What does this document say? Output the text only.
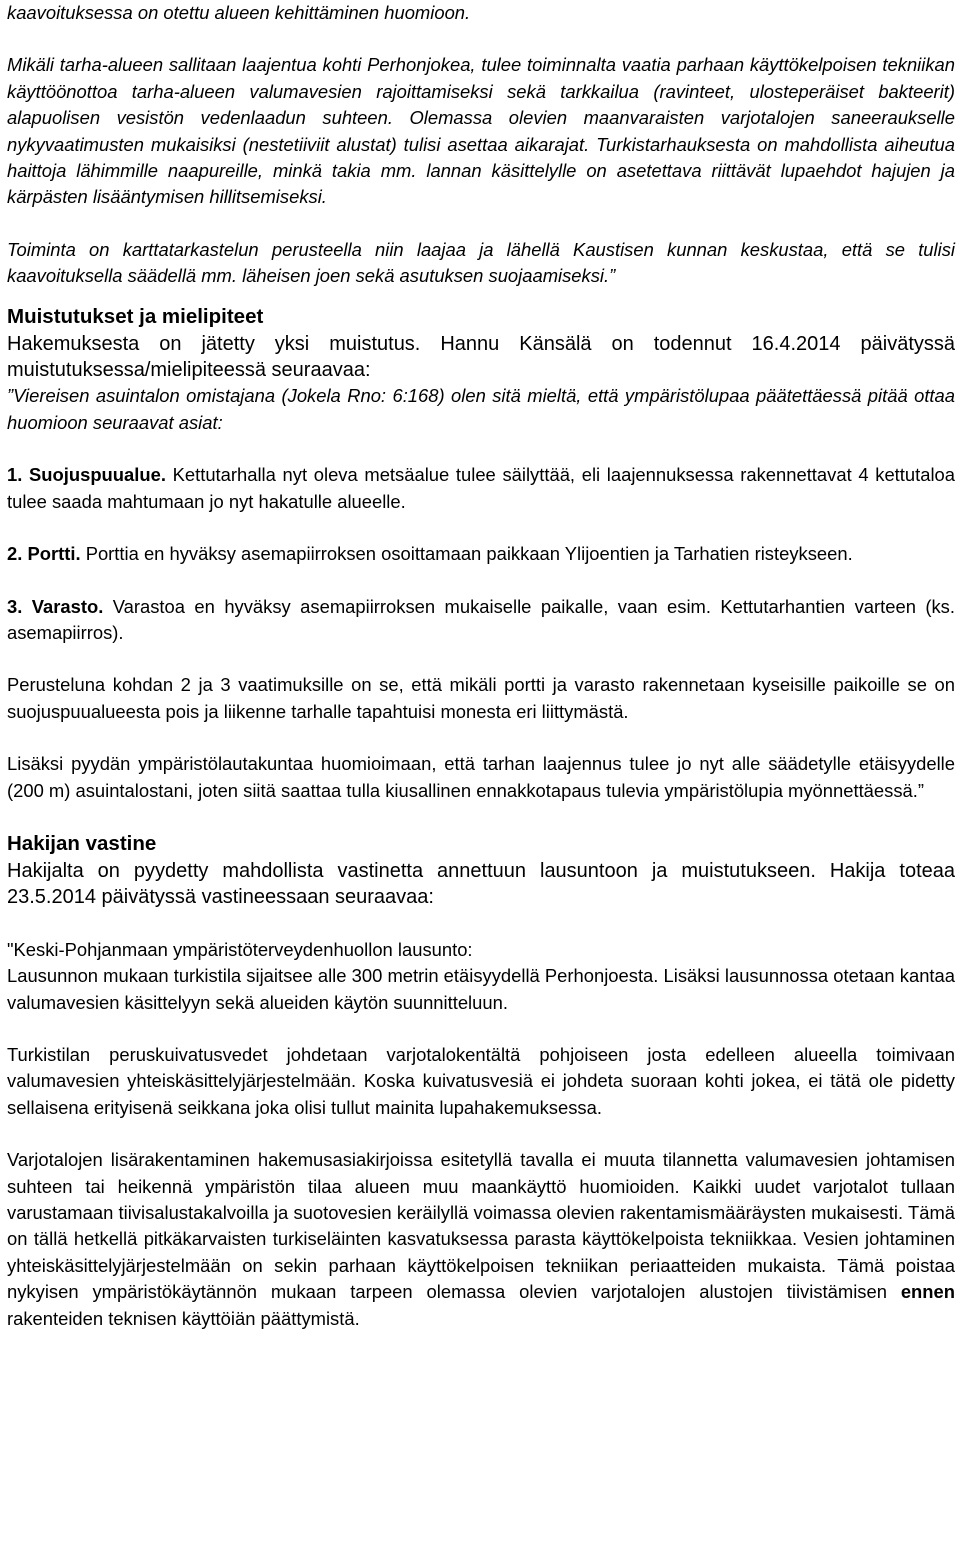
kaavoituksessa on otettu alueen kehittäminen huomioon.

Mikäli tarha-alueen sallitaan laajentua kohti Perhonjokea, tulee toiminnalta vaatia parhaan käyttökelpoisen tekniikan käyttöönottoa tarha-alueen valumavesien rajoittamiseksi sekä tarkkailua (ravinteet, ulosteperäiset bakteerit) alapuolisen vesistön vedenlaadun suhteen. Olemassa olevien maanvaraisten varjotalojen saneeraukselle nykyvaatimusten mukaisiksi (nestetiiviit alustat) tulisi asettaa aikarajat. Turkistarhauksesta on mahdollista aiheutua haittoja lähimmille naapureille, minkä takia mm. lannan käsittelylle on asetettava riittävät lupaehdot hajujen ja kärpästen lisääntymisen hillitsemiseksi.

Toiminta on karttatarkastelun perusteella niin laajaa ja lähellä Kaustisen kunnan keskustaa, että se tulisi kaavoituksella säädellä mm. läheisen joen sekä asutuksen suojaamiseksi.”

Muistutukset ja mielipiteet

Hakemuksesta on jätetty yksi muistutus. Hannu Känsälä on todennut 16.4.2014 päivätyssä muistutuksessa/mielipiteessä seuraavaa:

”Viereisen asuintalon omistajana (Jokela Rno: 6:168) olen sitä mieltä, että ympäristölupaa päätettäessä pitää ottaa huomioon seuraavat asiat:

1. Suojuspuualue. Kettutarhalla nyt oleva metsäalue tulee säilyttää, eli laajennuksessa rakennettavat 4 kettutaloa tulee saada mahtumaan jo nyt hakatulle alueelle.

2. Portti. Porttia en hyväksy asemapiirroksen osoittamaan paikkaan Ylijoentien ja Tarhatien risteykseen.

3. Varasto. Varastoa en hyväksy asemapiirroksen mukaiselle paikalle, vaan esim. Kettutarhantien varteen (ks. asemapiirros).

Perusteluna kohdan 2 ja 3 vaatimuksille on se, että mikäli portti ja varasto rakennetaan kyseisille paikoille se on suojuspuualueesta pois ja liikenne tarhalle tapahtuisi monesta eri liittymästä.

Lisäksi pyydän ympäristölautakuntaa huomioimaan, että tarhan laajennus tulee jo nyt alle säädetylle etäisyydelle (200 m) asuintalostani, joten siitä saattaa tulla kiusallinen ennakkotapaus tulevia ympäristölupia myönnettäessä.”

Hakijan vastine

Hakijalta on pyydetty mahdollista vastinetta annettuun lausuntoon ja muistutukseen. Hakija toteaa 23.5.2014 päivätyssä vastineessaan seuraavaa:

"Keski-Pohjanmaan ympäristöterveydenhuollon lausunto:

Lausunnon mukaan turkistila sijaitsee alle 300 metrin etäisyydellä Perhonjoesta. Lisäksi lausunnossa otetaan kantaa valumavesien käsittelyyn sekä alueiden käytön suunnitteluun.

Turkistilan peruskuivatusvedet johdetaan varjotalokentältä pohjoiseen josta edelleen alueella toimivaan valumavesien yhteiskäsittelyjärjestelmään. Koska kuivatusvesiä ei johdeta suoraan kohti jokea, ei tätä ole pidetty sellaisena erityisenä seikkana joka olisi tullut mainita lupahakemuksessa.

Varjotalojen lisärakentaminen hakemusasiakirjoissa esitetyllä tavalla ei muuta tilannetta valumavesien johtamisen suhteen tai heikennä ympäristön tilaa alueen muu maankäyttö huomioiden. Kaikki uudet varjotalot tullaan varustamaan tiivisalustakalvoilla ja suotovesien keräilyllä voimassa olevien rakentamismääräysten mukaisesti. Tämä on tällä hetkellä pitkäkarvaisten turkiseläinten kasvatuksessa parasta käyttökelpoista tekniikkaa. Vesien johtaminen yhteiskäsittelyjärjestelmään on sekin parhaan käyttökelpoisen tekniikan periaatteiden mukaista. Tämä poistaa nykyisen ympäristökäytännön mukaan tarpeen olemassa olevien varjotalojen alustojen tiivistämisen ennen rakenteiden teknisen käyttöiän päättymistä.
